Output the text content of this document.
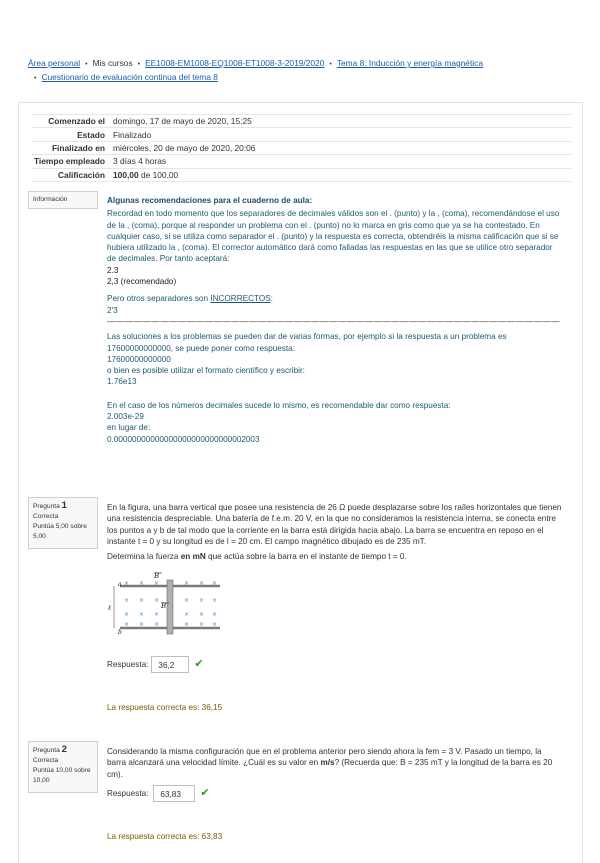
Área personal • Mis cursos • EE1008-EM1008-EQ1008-ET1008-3-2019/2020 • Tema 8. Inducción y energía magnética
• Cuestionario de evaluación continua del tema 8
Comenzado el	domingo, 17 de mayo de 2020, 15:25
Estado	Finalizado
Finalizado en	miércoles, 20 de mayo de 2020, 20:06
Tiempo empleado	3 días 4 horas
Calificación	100,00 de 100,00
Información	Algunas recomendaciones para el cuaderno de aula:

Recordad en todo momento que los separadores de decimales válidos son el . (punto) y la , (coma), recomendándose el uso de la , (coma), porque al responder un problema con el . (punto) no lo marca en gris como que ya se ha contestado. En cualquier caso, si se utiliza como separador el . (punto) y la respuesta es correcta, obtendréis la misma calificación que si se hubiera utilizado la , (coma). El corrector automático dará como falladas las respuestas en las que se utilice otro separador de decimales. Por tanto aceptará:

2.3

2,3 (recomendado)

Pero otros separadores son INCORRECTOS:

2'3

———————————————————————————————————————————————————

Las soluciones a los problemas se pueden dar de varias formas, por ejemplo si la respuesta a un problema es 17600000000000, se puede poner como respuesta:

17600000000000

o bien es posible utilizar el formato científico y escribir:

1.76e13

En el caso de los números decimales sucede lo mismo, es recomendable dar como respuesta:

2.003e-29

en lugar de:

0.00000000000000000000000000002003

Pregunta 1
Correcta
Puntúa 5,00 sobre 5,00

En la figura, una barra vertical que posee una resistencia de 26 Ω puede desplazarse sobre los raíles horizontales que tienen una resistencia despreciable. Una batería de f.e.m. 20 V, en la que no consideramos la resistencia interna, se conecta entre los puntos a y b de tal modo que la corriente en la barra está dirigida hacia abajo. La barra se encuentra en reposo en el instante t = 0 y su longitud es de l = 20 cm. El campo magnético dibujado es de 235 mT.

Determina la fuerza en mN que actúa sobre la barra en el instante de tiempo t = 0.

× × ×	× × ×
× × ×	× × ×
× × ×	× × ×
× × ×	× × ×
B
B
a
b
ℓ
Respuesta:	36,2	✔
La respuesta correcta es: 36,15
Pregunta 2
Correcta
Puntúa 10,00 sobre 10,00

Considerando la misma configuración que en el problema anterior pero siendo ahora la fem = 3 V. Pasado un tiempo, la barra alcanzará una velocidad límite. ¿Cuál es su valor en m/s? (Recuerda que: B = 235 mT y la longitud de la barra es 20 cm).

Respuesta:	63,83	✔
La respuesta correcta es: 63,83
